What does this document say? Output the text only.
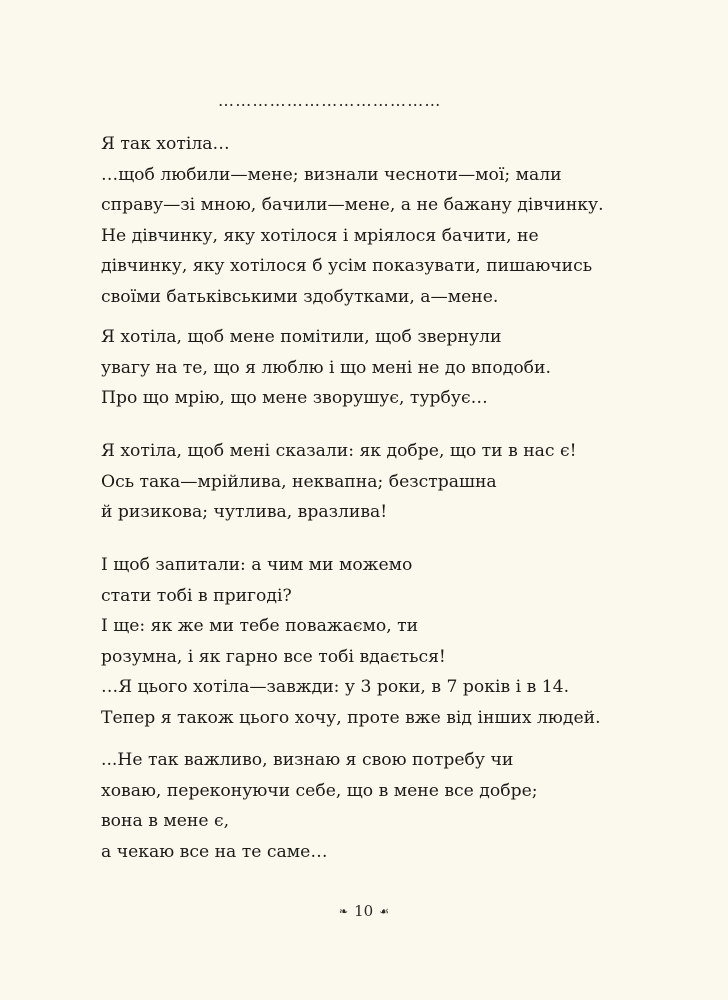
…………………………………
Я так хотіла…
…щоб любили—мене; визнали чесноти—мої; мали
справу—зі мною, бачили—мене, а не бажану дівчинку.
Не дівчинку, яку хотілося і мріялося бачити, не
дівчинку, яку хотілося б усім показувати, пишаючись
своїми батьківськими здобутками, а—мене.
Я хотіла, щоб мене помітили, щоб звернули
увагу на те, що я люблю і що мені не до вподоби.
Про що мрію, що мене зворушує, турбує…
Я хотіла, щоб мені сказали: як добре, що ти в нас є!
Ось така—мрійлива, неквапна; безстрашна
й ризикова; чутлива, вразлива!
І щоб запитали: а чим ми можемо
стати тобі в пригоді?
І ще: як же ми тебе поважаємо, ти
розумна, і як гарно все тобі вдається!
…Я цього хотіла—завжди: у 3 роки, в 7 років і в 14.
Тепер я також цього хочу, проте вже від інших людей.
...Не так важливо, визнаю я свою потребу чи
ховаю, переконуючи себе, що в мене все добре;
вона в мене є,
а чекаю все на те саме…
❧ 10 ☙
